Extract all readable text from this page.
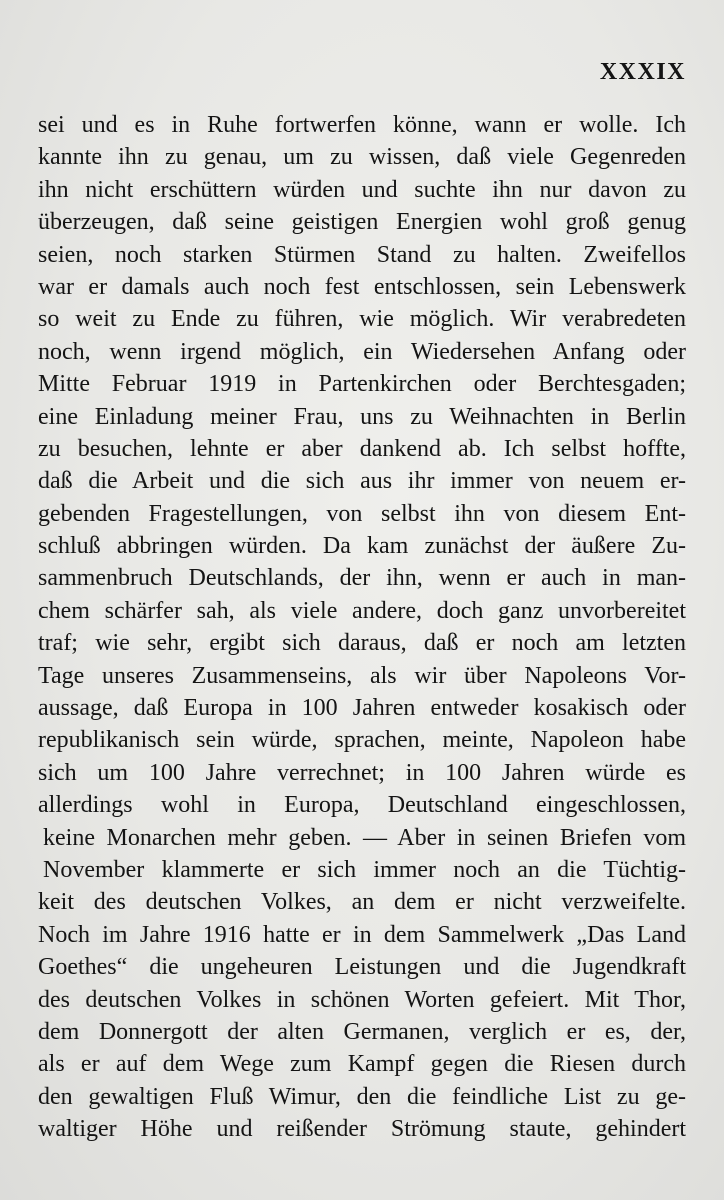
XXXIX
sei und es in Ruhe fortwerfen könne, wann er wolle. Ich
kannte ihn zu genau, um zu wissen, daß viele Gegenreden
ihn nicht erschüttern würden und suchte ihn nur davon zu
überzeugen, daß seine geistigen Energien wohl groß genug
seien, noch starken Stürmen Stand zu halten. Zweifellos
war er damals auch noch fest entschlossen, sein Lebenswerk
so weit zu Ende zu führen, wie möglich. Wir verabredeten
noch, wenn irgend möglich, ein Wiedersehen Anfang oder
Mitte Februar 1919 in Partenkirchen oder Berchtesgaden;
eine Einladung meiner Frau, uns zu Weihnachten in Berlin
zu besuchen, lehnte er aber dankend ab. Ich selbst hoffte,
daß die Arbeit und die sich aus ihr immer von neuem er-
gebenden Fragestellungen, von selbst ihn von diesem Ent-
schluß abbringen würden. Da kam zunächst der äußere Zu-
sammenbruch Deutschlands, der ihn, wenn er auch in man-
chem schärfer sah, als viele andere, doch ganz unvorbereitet
traf; wie sehr, ergibt sich daraus, daß er noch am letzten
Tage unseres Zusammenseins, als wir über Napoleons Vor-
aussage, daß Europa in 100 Jahren entweder kosakisch oder
republikanisch sein würde, sprachen, meinte, Napoleon habe
sich um 100 Jahre verrechnet; in 100 Jahren würde es
allerdings wohl in Europa, Deutschland eingeschlossen,
keine Monarchen mehr geben. — Aber in seinen Briefen vom
November klammerte er sich immer noch an die Tüchtig-
keit des deutschen Volkes, an dem er nicht verzweifelte.
Noch im Jahre 1916 hatte er in dem Sammelwerk „Das Land
Goethes“ die ungeheuren Leistungen und die Jugendkraft
des deutschen Volkes in schönen Worten gefeiert. Mit Thor,
dem Donnergott der alten Germanen, verglich er es, der,
als er auf dem Wege zum Kampf gegen die Riesen durch
den gewaltigen Fluß Wimur, den die feindliche List zu ge-
waltiger Höhe und reißender Strömung staute, gehindert
